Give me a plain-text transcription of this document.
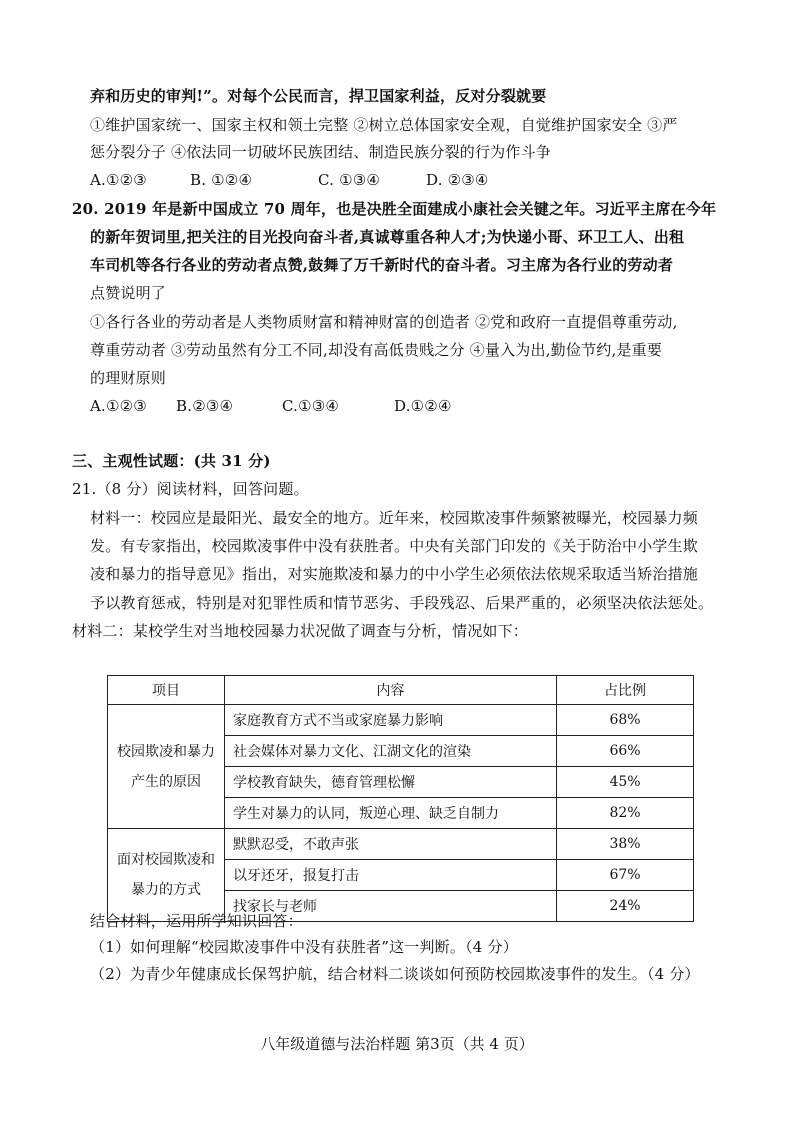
弃和历史的审判!”。对每个公民而言，捍卫国家利益，反对分裂就要
①维护国家统一、国家主权和领土完整 ②树立总体国家安全观，自觉维护国家安全 ③严
惩分裂分子 ④依法同一切破坏民族团结、制造民族分裂的行为作斗争
A.①②③	B. ①②④	C. ①③④	D. ②③④
20. 2019 年是新中国成立 70 周年，也是决胜全面建成小康社会关键之年。习近平主席在今年
的新年贺词里,把关注的目光投向奋斗者,真诚尊重各种人才;为快递小哥、环卫工人、出租
车司机等各行各业的劳动者点赞,鼓舞了万千新时代的奋斗者。习主席为各行业的劳动者
点赞说明了
①各行各业的劳动者是人类物质财富和精神财富的创造者 ②党和政府一直提倡尊重劳动,
尊重劳动者 ③劳动虽然有分工不同,却没有高低贵贱之分 ④量入为出,勤俭节约,是重要
的理财原则
A.①②③ B.②③④	C.①③④	D.①②④
三、主观性试题：(共 31 分)
21.（8 分）阅读材料，回答问题。
材料一：校园应是最阳光、最安全的地方。近年来，校园欺凌事件频繁被曝光，校园暴力频
发。有专家指出，校园欺凌事件中没有获胜者。中央有关部门印发的《关于防治中小学生欺
凌和暴力的指导意见》指出，对实施欺凌和暴力的中小学生必须依法依规采取适当矫治措施
予以教育惩戒，特别是对犯罪性质和情节恶劣、手段残忍、后果严重的，必须坚决依法惩处。
材料二：某校学生对当地校园暴力状况做了调查与分析，情况如下：
项目	内容	占比例
校园欺凌和暴力产生的原因	家庭教育方式不当或家庭暴力影响	68%
	社会媒体对暴力文化、江湖文化的渲染	66%
	学校教育缺失，德育管理松懈	45%
	学生对暴力的认同，叛逆心理、缺乏自制力	82%
面对校园欺凌和暴力的方式	默默忍受，不敢声张	38%
	以牙还牙，报复打击	67%
	找家长与老师	24%
结合材料，运用所学知识回答：
（1）如何理解“校园欺凌事件中没有获胜者”这一判断。（4 分）
（2）为青少年健康成长保驾护航，结合材料二谈谈如何预防校园欺凌事件的发生。（4 分）
八年级道德与法治样题 第3页（共 4 页）
